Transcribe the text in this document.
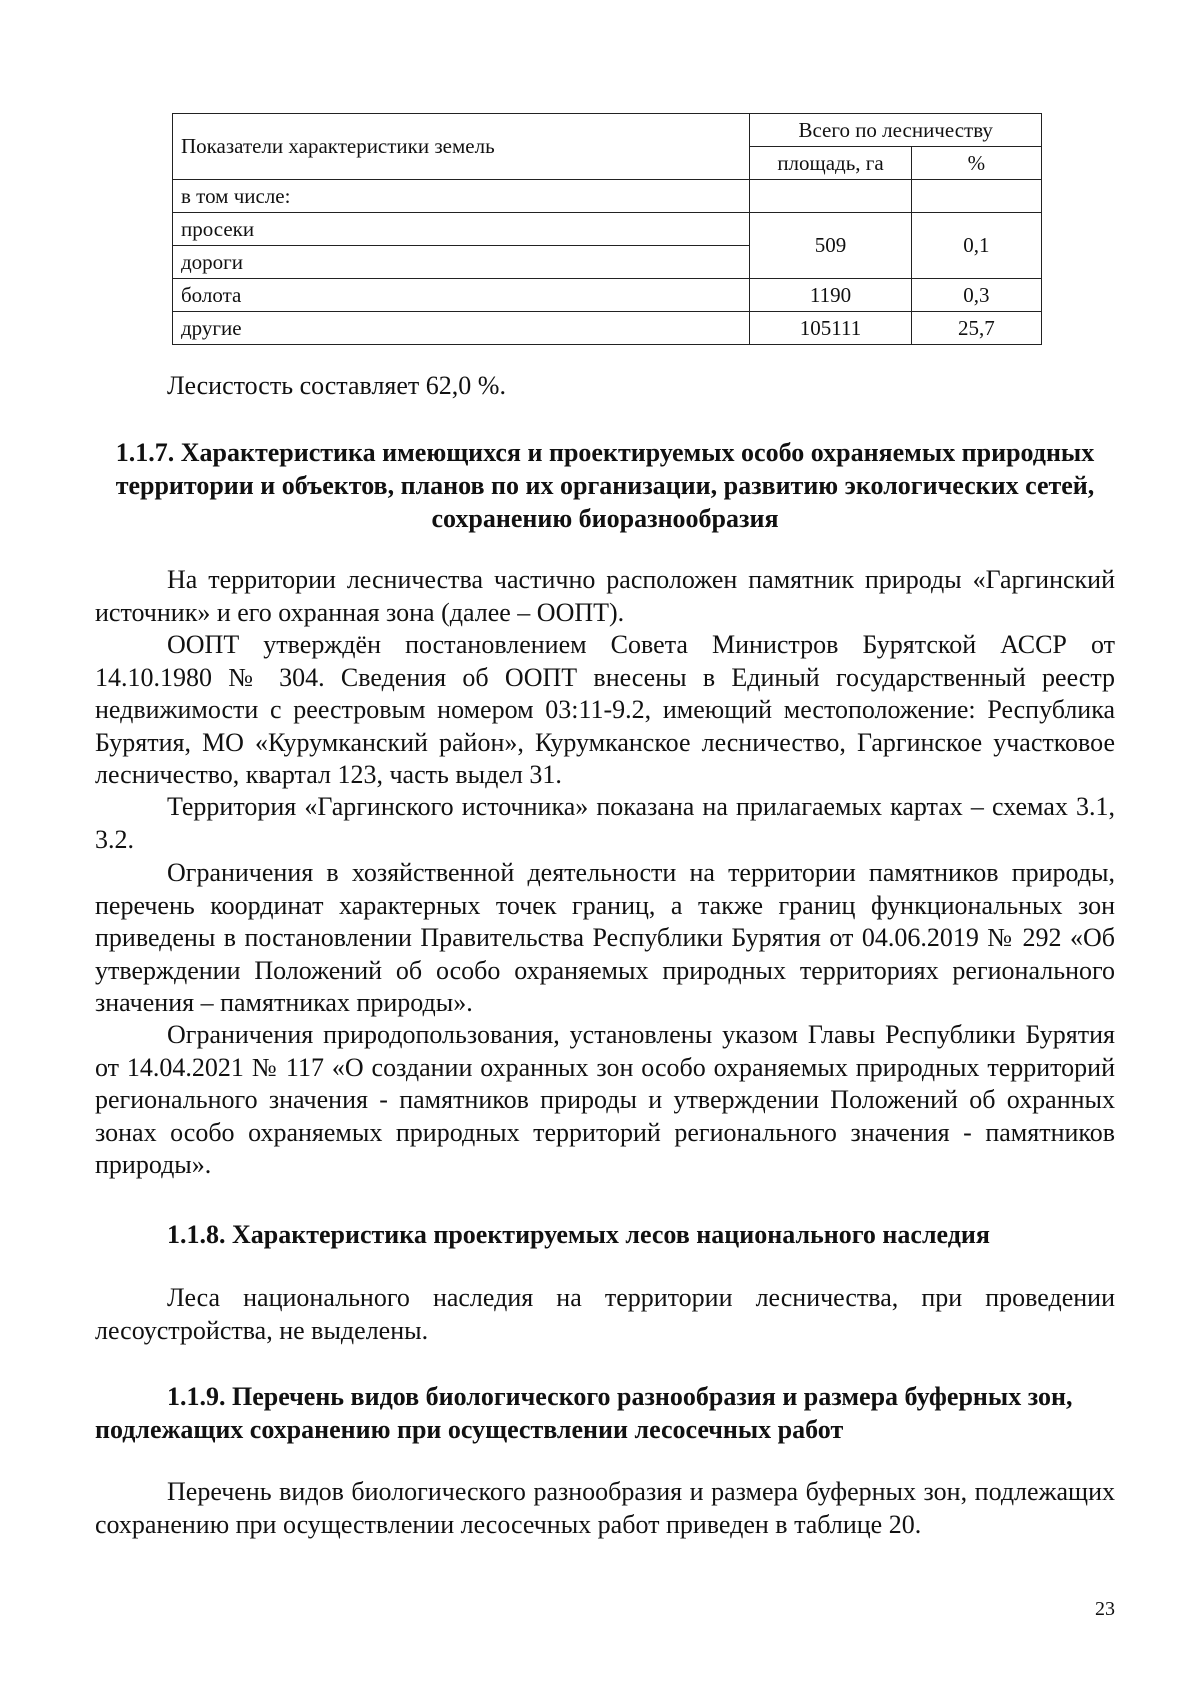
Показатели характеристики земель	Всего по лесничеству	
	площадь, га	%
в том числе:		
просеки	509	0,1
дороги		
болота	1190	0,3
другие	105111	25,7

Лесистость составляет 62,0 %.

1.1.7. Характеристика имеющихся и проектируемых особо охраняемых природных территории и объектов, планов по их организации, развитию экологических сетей, сохранению биоразнообразия

На территории лесничества частично расположен памятник природы «Гаргинский источник» и его охранная зона (далее – ООПТ).

ООПТ утверждён постановлением Совета Министров Бурятской АССР от 14.10.1980 № 304. Сведения об ООПТ внесены в Единый государственный реестр недвижимости с реестровым номером 03:11-9.2, имеющий местоположение: Республика Бурятия, МО «Курумканский район», Курумканское лесничество, Гаргинское участковое лесничество, квартал 123, часть выдел 31.

Территория «Гаргинского источника» показана на прилагаемых картах – схемах 3.1, 3.2.

Ограничения в хозяйственной деятельности на территории памятников природы, перечень координат характерных точек границ, а также границ функциональных зон приведены в постановлении Правительства Республики Бурятия от 04.06.2019 № 292 «Об утверждении Положений об особо охраняемых природных территориях регионального значения – памятниках природы».

Ограничения природопользования, установлены указом Главы Республики Бурятия от 14.04.2021 № 117 «О создании охранных зон особо охраняемых природных территорий регионального значения - памятников природы и утверждении Положений об охранных зонах особо охраняемых природных территорий регионального значения - памятников природы».

1.1.8. Характеристика проектируемых лесов национального наследия

Леса национального наследия на территории лесничества, при проведении лесоустройства, не выделены.

1.1.9. Перечень видов биологического разнообразия и размера буферных зон, подлежащих сохранению при осуществлении лесосечных работ

Перечень видов биологического разнообразия и размера буферных зон, подлежащих сохранению при осуществлении лесосечных работ приведен в таблице 20.

23
